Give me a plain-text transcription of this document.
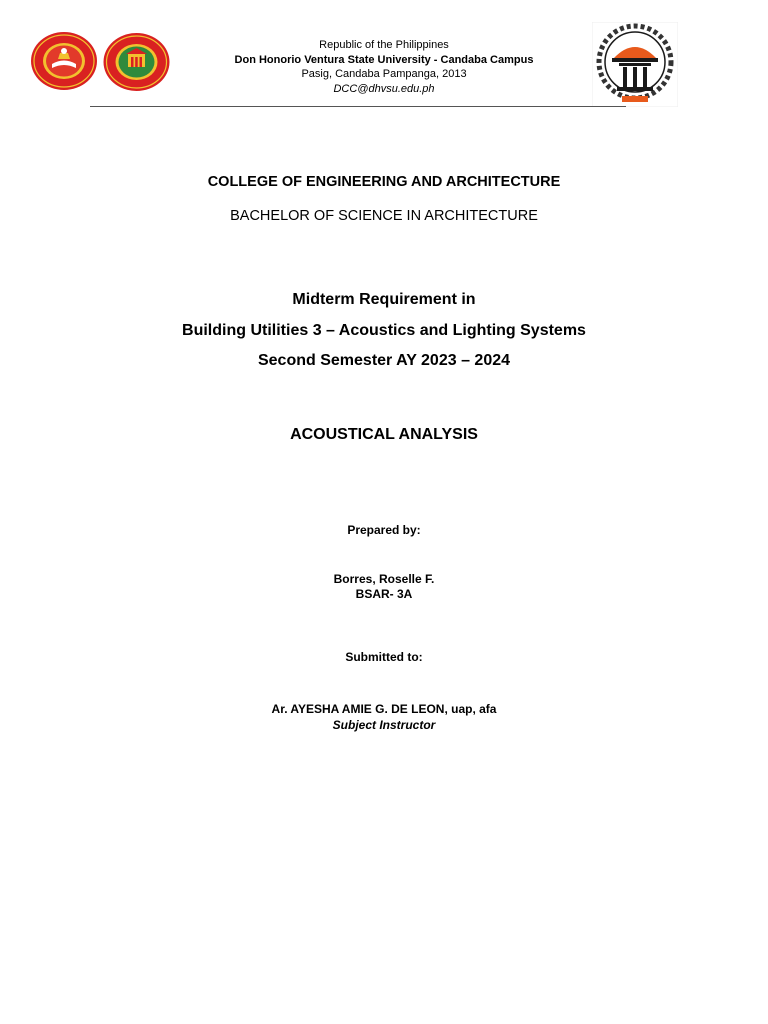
Republic of the Philippines
Don Honorio Ventura State University - Candaba Campus
Pasig, Candaba Pampanga, 2013
DCC@dhvsu.edu.ph
COLLEGE OF ENGINEERING AND ARCHITECTURE
BACHELOR OF SCIENCE IN ARCHITECTURE
Midterm Requirement in
Building Utilities 3 – Acoustics and Lighting Systems
Second Semester AY 2023 – 2024
ACOUSTICAL ANALYSIS
Prepared by:
Borres, Roselle F.
BSAR- 3A
Submitted to:
Ar. AYESHA AMIE G. DE LEON, uap, afa
Subject Instructor
